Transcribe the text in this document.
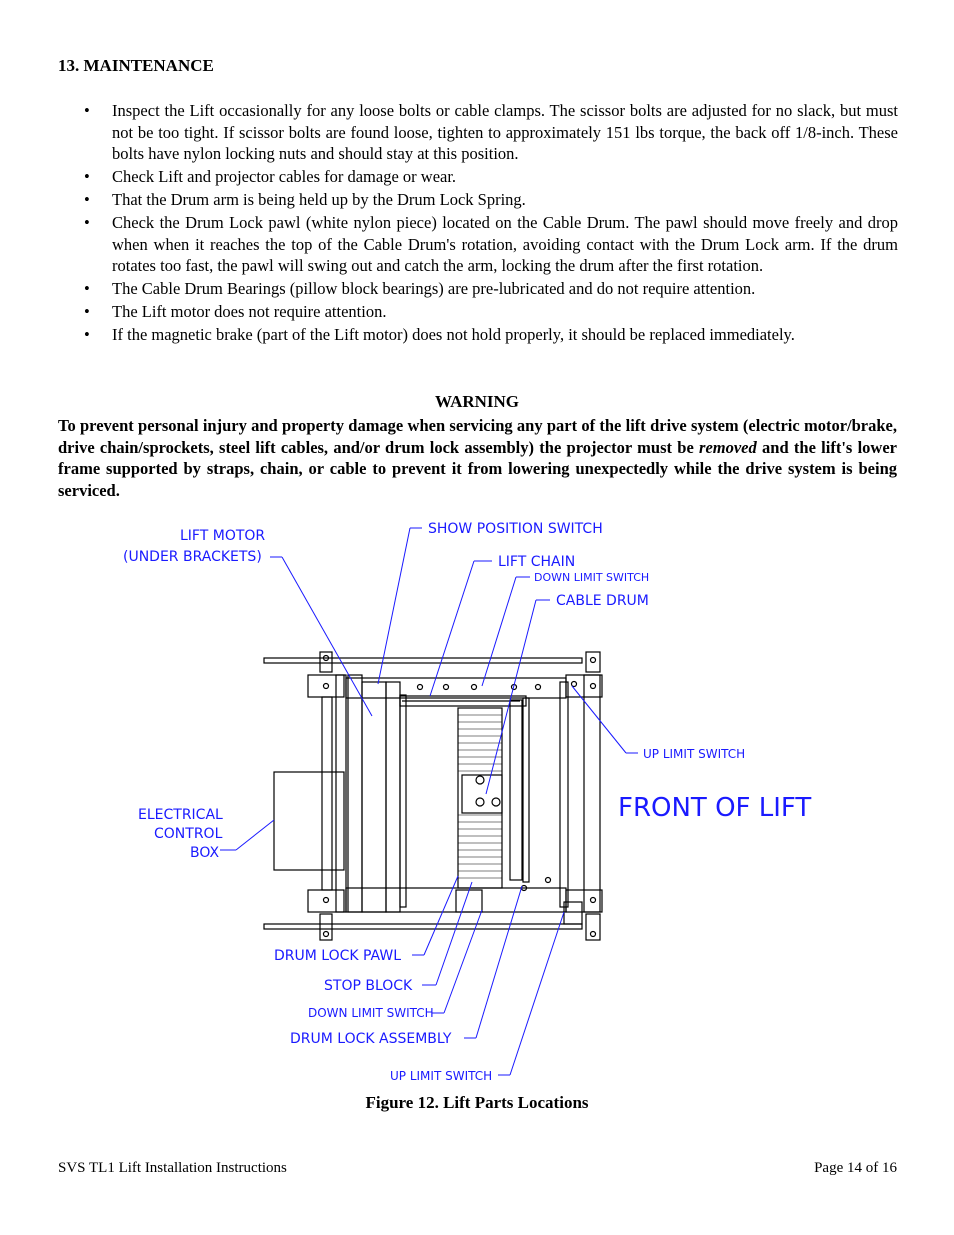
13. MAINTENANCE
• Inspect the Lift occasionally for any loose bolts or cable clamps. The scissor bolts are adjusted for no slack, but must not be too tight. If scissor bolts are found loose, tighten to approximately 151 lbs torque, the back off 1/8-inch. These bolts have nylon locking nuts and should stay at this position.
• Check Lift and projector cables for damage or wear.
• That the Drum arm is being held up by the Drum Lock Spring.
• Check the Drum Lock pawl (white nylon piece) located on the Cable Drum. The pawl should move freely and drop when when it reaches the top of the Cable Drum's rotation, avoiding contact with the Drum Lock arm. If the drum rotates too fast, the pawl will swing out and catch the arm, locking the drum after the first rotation.
• The Cable Drum Bearings (pillow block bearings) are pre-lubricated and do not require attention.
• The Lift motor does not require attention.
• If the magnetic brake (part of the Lift motor) does not hold properly, it should be replaced immediately.
WARNING
To prevent personal injury and property damage when servicing any part of the lift drive system (electric motor/brake, drive chain/sprockets, steel lift cables, and/or drum lock assembly) the projector must be removed and the lift's lower frame supported by straps, chain, or cable to prevent it from lowering unexpectedly while the drive system is being serviced.
LIFT MOTOR
(UNDER BRACKETS)
SHOW POSITION SWITCH
LIFT CHAIN
DOWN LIMIT SWITCH
CABLE DRUM
UP LIMIT SWITCH
FRONT OF LIFT
ELECTRICAL
CONTROL
BOX
DRUM LOCK PAWL
STOP BLOCK
DOWN LIMIT SWITCH
DRUM LOCK ASSEMBLY
UP LIMIT SWITCH
Figure 12. Lift Parts Locations
SVS TL1 Lift Installation Instructions	Page 14 of 16
